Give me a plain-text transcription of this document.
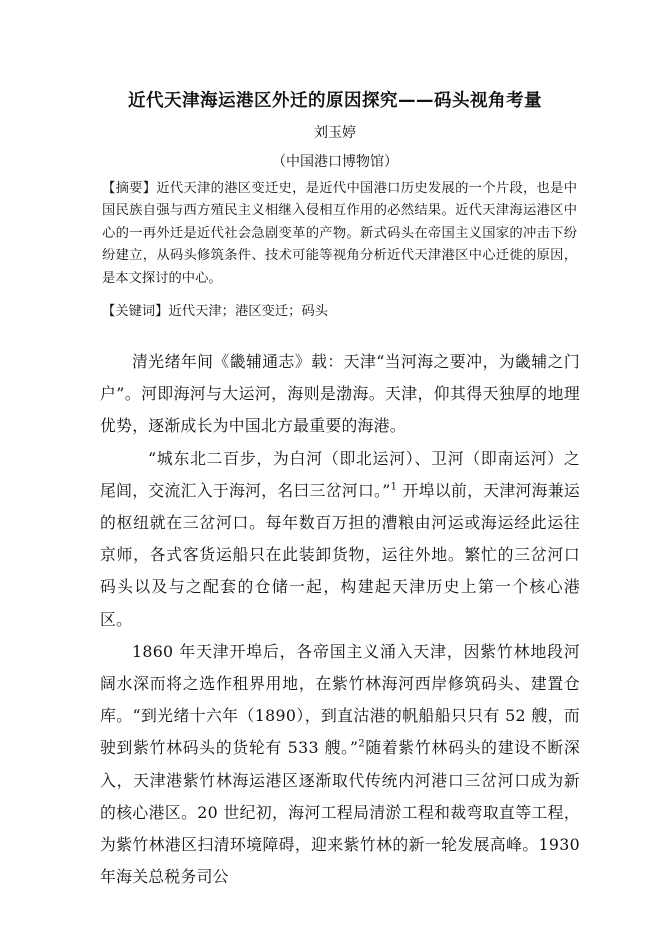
近代天津海运港区外迁的原因探究——码头视角考量
刘玉婷
（中国港口博物馆）
【摘要】近代天津的港区变迁史，是近代中国港口历史发展的一个片段，也是中国民族自强与西方殖民主义相继入侵相互作用的必然结果。近代天津海运港区中心的一再外迁是近代社会急剧变革的产物。新式码头在帝国主义国家的冲击下纷纷建立，从码头修筑条件、技术可能等视角分析近代天津港区中心迁徙的原因，是本文探讨的中心。
【关键词】近代天津；港区变迁；码头

清光绪年间《畿辅通志》载：天津“当河海之要冲，为畿辅之门户”。河即海河与大运河，海则是渤海。天津，仰其得天独厚的地理优势，逐渐成长为中国北方最重要的海港。

“城东北二百步，为白河（即北运河）、卫河（即南运河）之尾闾，交流汇入于海河，名曰三岔河口。”$^1$ 开埠以前，天津河海兼运的枢纽就在三岔河口。每年数百万担的漕粮由河运或海运经此运往京师，各式客货运船只在此装卸货物，运往外地。繁忙的三岔河口码头以及与之配套的仓储一起，构建起天津历史上第一个核心港区。

1860 年天津开埠后，各帝国主义涌入天津，因紫竹林地段河阔水深而将之选作租界用地，在紫竹林海河西岸修筑码头、建置仓库。“到光绪十六年（1890），到直沽港的帆船船只只有 52 艘，而驶到紫竹林码头的货轮有 533 艘。”$^2$随着紫竹林码头的建设不断深入，天津港紫竹林海运港区逐渐取代传统内河港口三岔河口成为新的核心港区。20 世纪初，海河工程局清淤工程和裁弯取直等工程，为紫竹林港区扫清环境障碍，迎来紫竹林的新一轮发展高峰。1930 年海关总税务司公
